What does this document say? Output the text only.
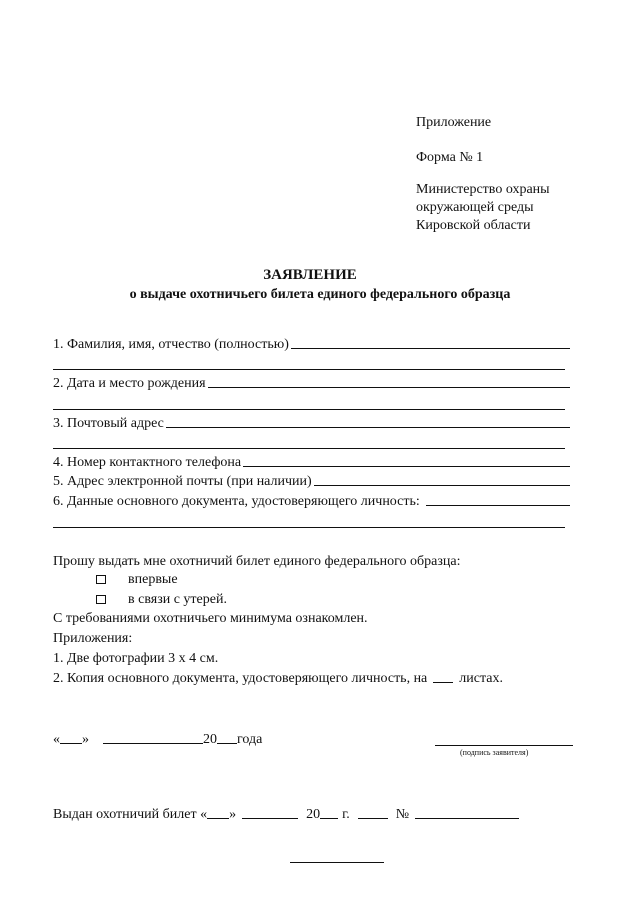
Приложение
Форма № 1
Министерство охраны
окружающей среды
Кировской области
ЗАЯВЛЕНИЕ
о выдаче охотничьего билета единого федерального образца
1. Фамилия, имя, отчество (полностью)
2. Дата и место рождения
3. Почтовый адрес
4. Номер контактного телефона
5. Адрес электронной почты (при наличии)
6. Данные основного документа, удостоверяющего личность:
Прошу выдать мне охотничий билет единого федерального образца:
впервые
в связи с утерей.
С требованиями охотничьего минимума ознакомлен.
Приложения:
1. Две фотографии 3 х 4 см.
2. Копия основного документа, удостоверяющего личность, на листах.
« »	20 года
(подпись заявителя)
Выдан охотничий билет « »	20 г.	№
